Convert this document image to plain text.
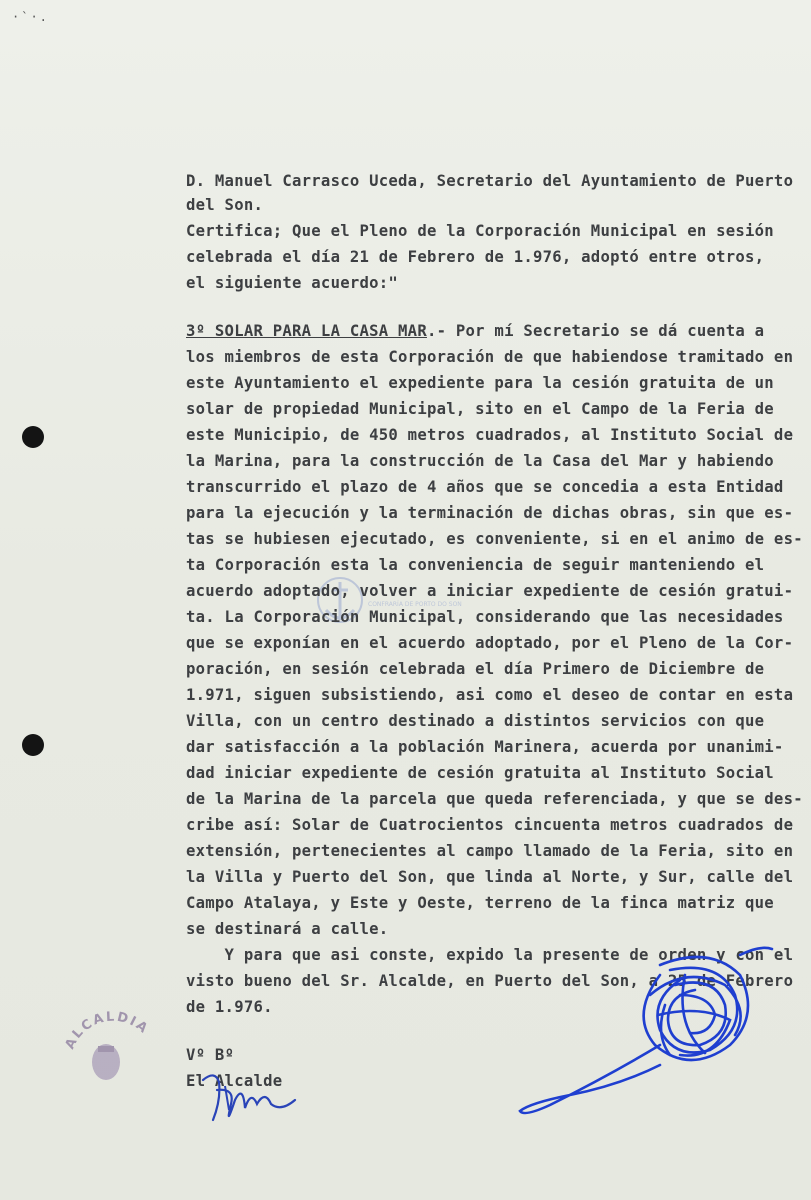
·`·.
CONFRARÍA DE PORTO DO SON
D. Manuel Carrasco Uceda, Secretario del Ayuntamiento de Puerto
del Son.
Certifica; Que el Pleno de la Corporación Municipal en sesión
celebrada el día 21 de Febrero de 1.976, adoptó entre otros,
el siguiente acuerdo:"
3º SOLAR PARA LA CASA MAR.- Por mí Secretario se dá cuenta a
los miembros de esta Corporación de que habiendose tramitado en
este Ayuntamiento el expediente para la cesión gratuita de un
solar de propiedad Municipal, sito en el Campo de la Feria de
este Municipio, de 450 metros cuadrados, al Instituto Social de
la Marina, para la construcción de la Casa del Mar y habiendo
transcurrido el plazo de 4 años que se concedia a esta Entidad
para la ejecución y la terminación de dichas obras, sin que es-
tas se hubiesen ejecutado, es conveniente, si en el animo de es-
ta Corporación esta la conveniencia de seguir manteniendo el
acuerdo adoptado, volver a iniciar expediente de cesión gratui-
ta. La Corporación Municipal, considerando que las necesidades
que se exponían en el acuerdo adoptado, por el Pleno de la Cor-
poración, en sesión celebrada el día Primero de Diciembre de
1.971, siguen subsistiendo, asi como el deseo de contar en esta
Villa, con un centro destinado a distintos servicios con que
dar satisfacción a la población Marinera, acuerda por unanimi-
dad iniciar expediente de cesión gratuita al Instituto Social
de la Marina de la parcela que queda referenciada, y que se des-
cribe así: Solar de Cuatrocientos cincuenta metros cuadrados de
extensión, pertenecientes al campo llamado de la Feria, sito en
la Villa y Puerto del Son, que linda al Norte, y Sur, calle del
Campo Atalaya, y Este y Oeste, terreno de la finca matriz que
se destinará a calle.
Y para que asi conste, expido la presente de orden y con el
visto bueno del Sr. Alcalde, en Puerto del Son, a 25 de Febrero
de 1.976.
Vº Bº
El Alcalde
ALCALDIA
